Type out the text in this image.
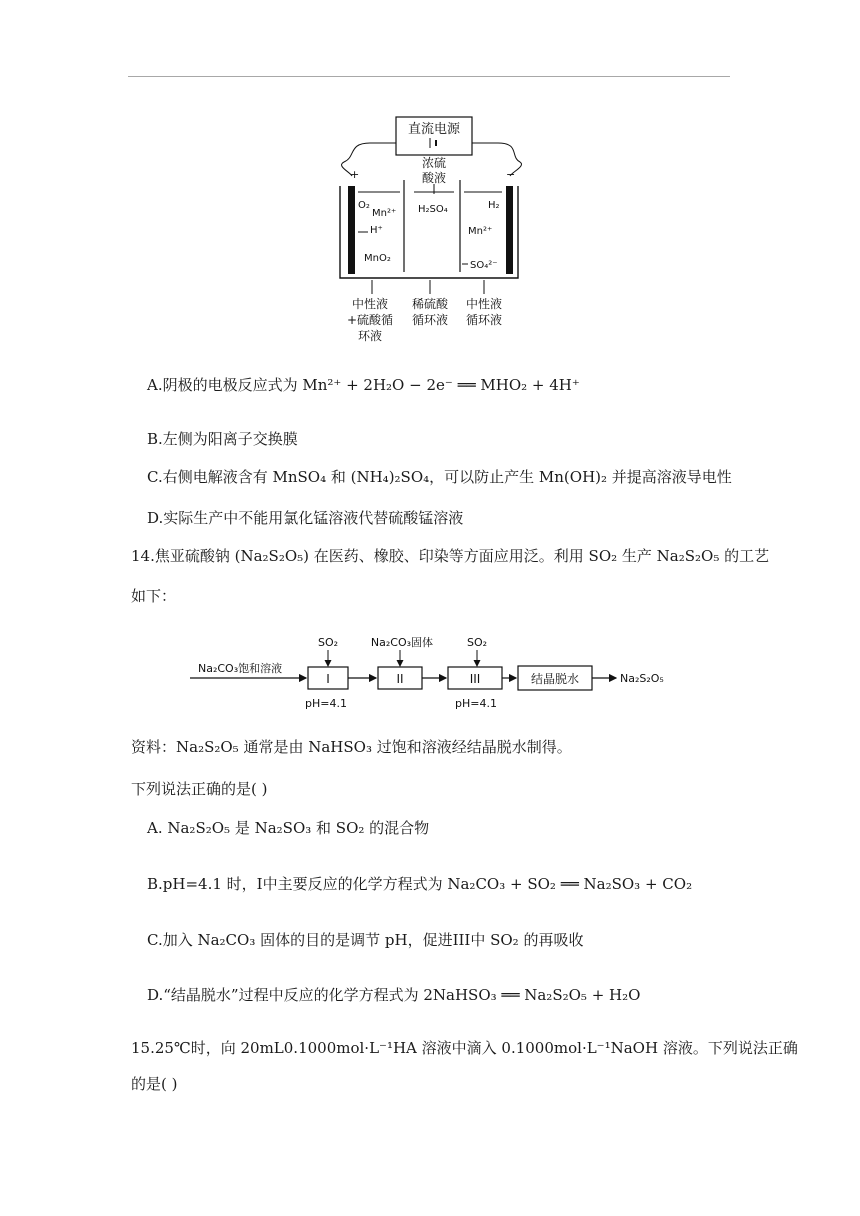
直流电源
+	−
浓硫
酸液
O₂
Mn²⁺
H⁺
MnO₂
H₂SO₄	H₂
Mn²⁺
SO₄²⁻
中性液
+硫酸循
环液
稀硫酸
循环液
中性液
循环液
A.阴极的电极反应式为 Mn²⁺ + 2H₂O − 2e⁻ ══ MHO₂ + 4H⁺
B.左侧为阳离子交换膜
C.右侧电解液含有 MnSO₄ 和 (NH₄)₂SO₄，可以防止产生 Mn(OH)₂ 并提高溶液导电性
D.实际生产中不能用氯化锰溶液代替硫酸锰溶液
14.焦亚硫酸钠 (Na₂S₂O₅) 在医药、橡胶、印染等方面应用泛。利用 SO₂ 生产 Na₂S₂O₅ 的工艺
如下：
Na₂CO₃饱和溶液
SO₂
I
pH=4.1
Na₂CO₃固体
II
SO₂
III
pH=4.1
结晶脱水	Na₂S₂O₅
资料：Na₂S₂O₅ 通常是由 NaHSO₃ 过饱和溶液经结晶脱水制得。
下列说法正确的是( )
A. Na₂S₂O₅ 是 Na₂SO₃ 和 SO₂ 的混合物
B.pH=4.1 时，I中主要反应的化学方程式为 Na₂CO₃ + SO₂ ══ Na₂SO₃ + CO₂
C.加入 Na₂CO₃ 固体的目的是调节 pH，促进III中 SO₂ 的再吸收
D.“结晶脱水”过程中反应的化学方程式为 2NaHSO₃ ══ Na₂S₂O₅ + H₂O
15.25℃时，向 20mL0.1000mol·L⁻¹HA 溶液中滴入 0.1000mol·L⁻¹NaOH 溶液。下列说法正确
的是( )
